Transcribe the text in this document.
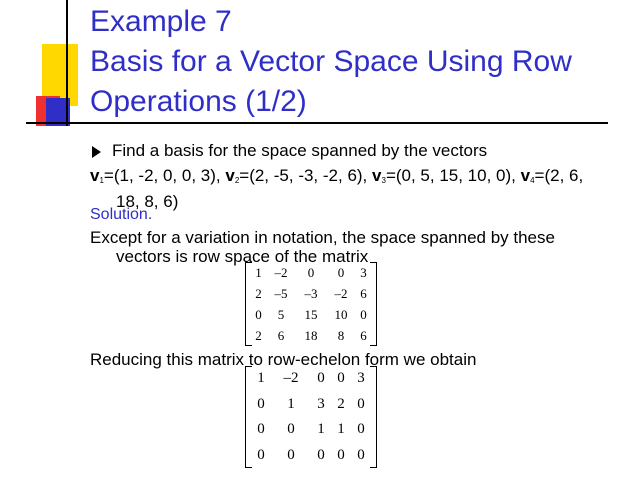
Example 7
Basis for a Vector Space Using Row
Operations (1/2)
Find a basis for the space spanned by the vectors
$v_1=(1$, -2, 0, 0, 3), $v_2=(2$, -5, -3, -2, 6), $v_3=(0$, 5, 15, 10, 0), $v_4=(2$, 6,
18, 8, 6)
Solution.
Except for a variation in notation, the space spanned by these
vectors is row space of the matrix
1	–2	0	0	3
2	–5	–3	–2	6
0	5	15	10	0
2	6	18	8	6
Reducing this matrix to row-echelon form we obtain
1	–2	0	0	3
0	1	3	2	0
0	0	1	1	0
0	0	0	0	0
